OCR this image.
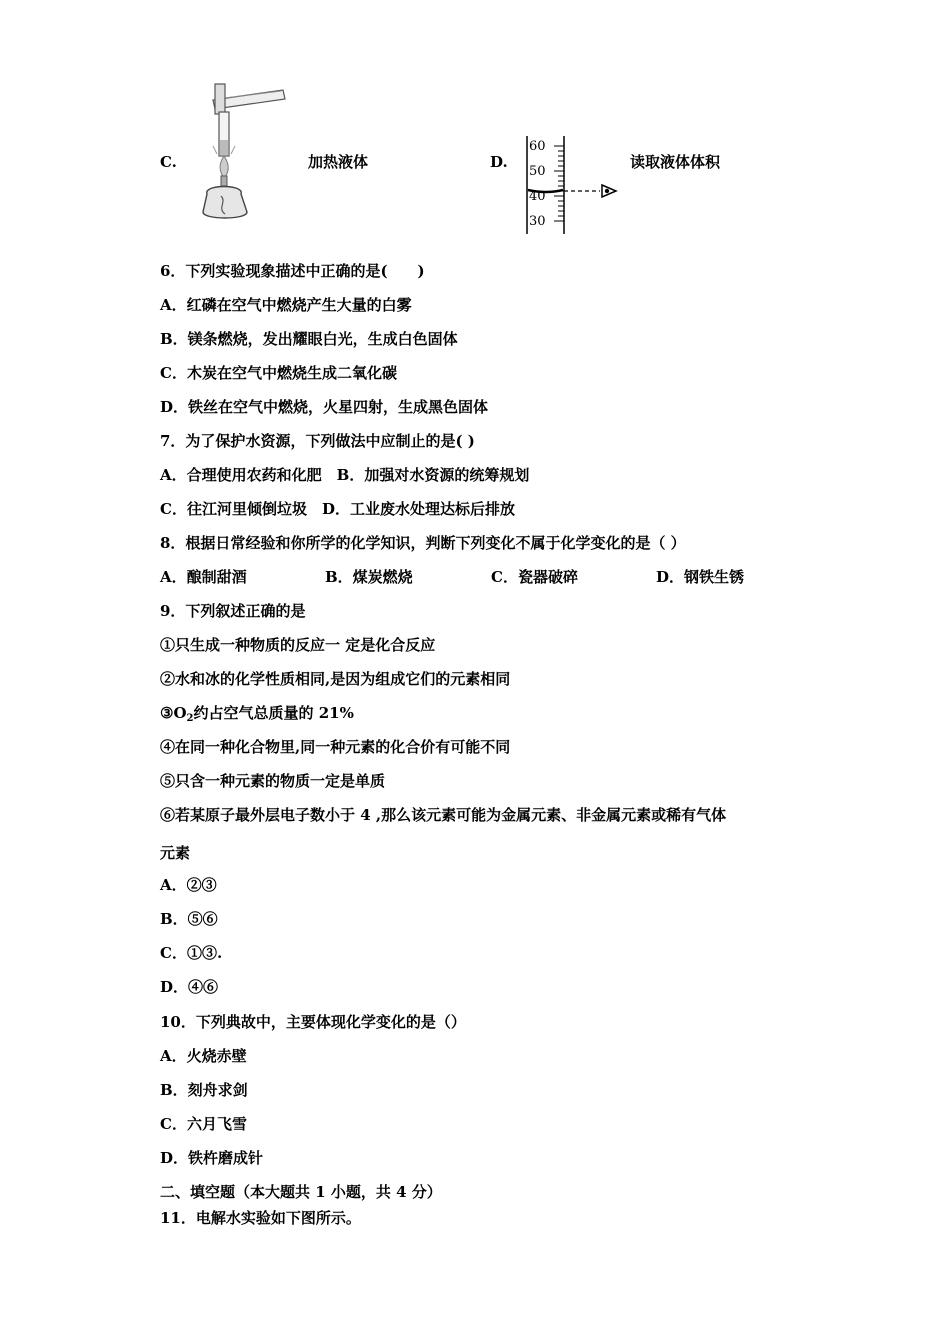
C.	加热液体	D.
60
50
40
30
读取液体体积
6．下列实验现象描述中正确的是(　　)
A．红磷在空气中燃烧产生大量的白雾
B．镁条燃烧，发出耀眼白光，生成白色固体
C．木炭在空气中燃烧生成二氧化碳
D．铁丝在空气中燃烧，火星四射，生成黑色固体
7．为了保护水资源，下列做法中应制止的是( )
A．合理使用农药和化肥　B．加强对水资源的统筹规划
C．往江河里倾倒垃圾　D．工业废水处理达标后排放
8．根据日常经验和你所学的化学知识，判断下列变化不属于化学变化的是（ ）
A．酿制甜酒	B．煤炭燃烧	C．瓷器破碎	D．钢铁生锈
9．下列叙述正确的是
①只生成一种物质的反应一 定是化合反应
②水和冰的化学性质相同,是因为组成它们的元素相同
$③O_2$约占空气总质量的 21%
④在同一种化合物里,同一种元素的化合价有可能不同
⑤只含一种元素的物质一定是单质
⑥若某原子最外层电子数小于 4 ,那么该元素可能为金属元素、非金属元素或稀有气体
元素
A．②③
B．⑤⑥
C．①③.
D．④⑥
10．下列典故中，主要体现化学变化的是（）
A．火烧赤壁
B．刻舟求剑
C．六月飞雪
D．铁杵磨成针
二、填空题（本大题共 1 小题，共 4 分）
11．电解水实验如下图所示。
